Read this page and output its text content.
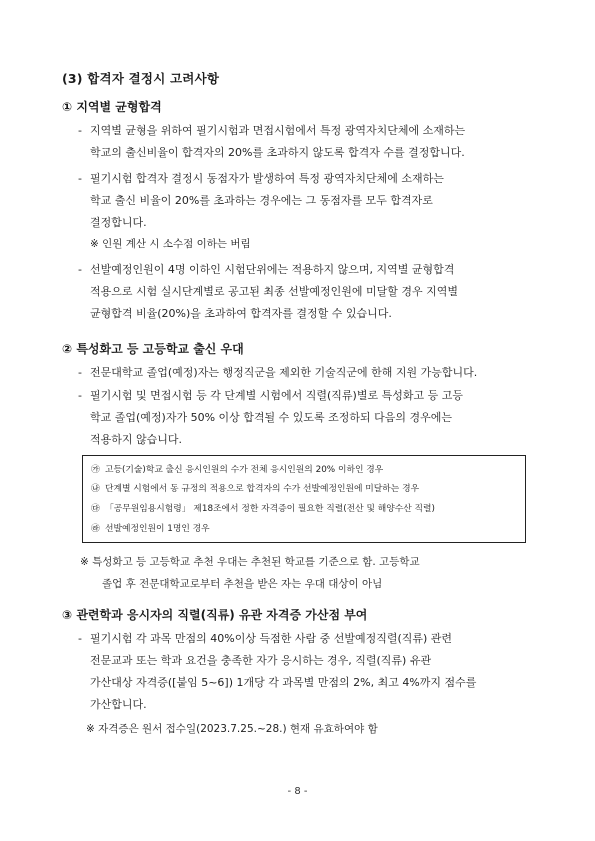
(3) 합격자 결정시 고려사항
① 지역별 균형합격
- 지역별 균형을 위하여 필기시험과 면접시험에서 특정 광역자치단체에 소재하는
학교의 출신비율이 합격자의 20%를 초과하지 않도록 합격자 수를 결정합니다.
- 필기시험 합격자 결정시 동점자가 발생하여 특정 광역자치단체에 소재하는
학교 출신 비율이 20%를 초과하는 경우에는 그 동점자를 모두 합격자로
결정합니다.
※ 인원 계산 시 소수점 이하는 버림
- 선발예정인원이 4명 이하인 시험단위에는 적용하지 않으며, 지역별 균형합격
적용으로 시험 실시단계별로 공고된 최종 선발예정인원에 미달할 경우 지역별
균형합격 비율(20%)을 초과하여 합격자를 결정할 수 있습니다.
② 특성화고 등 고등학교 출신 우대
- 전문대학교 졸업(예정)자는 행정직군을 제외한 기술직군에 한해 지원 가능합니다.
- 필기시험 및 면접시험 등 각 단계별 시험에서 직렬(직류)별로 특성화고 등 고등
학교 졸업(예정)자가 50% 이상 합격될 수 있도록 조정하되 다음의 경우에는
적용하지 않습니다.
㉮ 고등(기술)학교 출신 응시인원의 수가 전체 응시인원의 20% 이하인 경우
㉯ 단계별 시험에서 동 규정의 적용으로 합격자의 수가 선발예정인원에 미달하는 경우
㉰ 「공무원임용시험령」 제18조에서 정한 자격증이 필요한 직렬(전산 및 해양수산 직렬)
㉱ 선발예정인원이 1명인 경우
※ 특성화고 등 고등학교 추천 우대는 추천된 학교를 기준으로 함. 고등학교
졸업 후 전문대학교로부터 추천을 받은 자는 우대 대상이 아님
③ 관련학과 응시자의 직렬(직류) 유관 자격증 가산점 부여
- 필기시험 각 과목 만점의 40%이상 득점한 사람 중 선발예정직렬(직류) 관련
전문교과 또는 학과 요건을 충족한 자가 응시하는 경우, 직렬(직류) 유관
가산대상 자격증([붙임 5~6]) 1개당 각 과목별 만점의 2%, 최고 4%까지 점수를
가산합니다.
※ 자격증은 원서 접수일(2023.7.25.~28.) 현재 유효하여야 함
- 8 -
